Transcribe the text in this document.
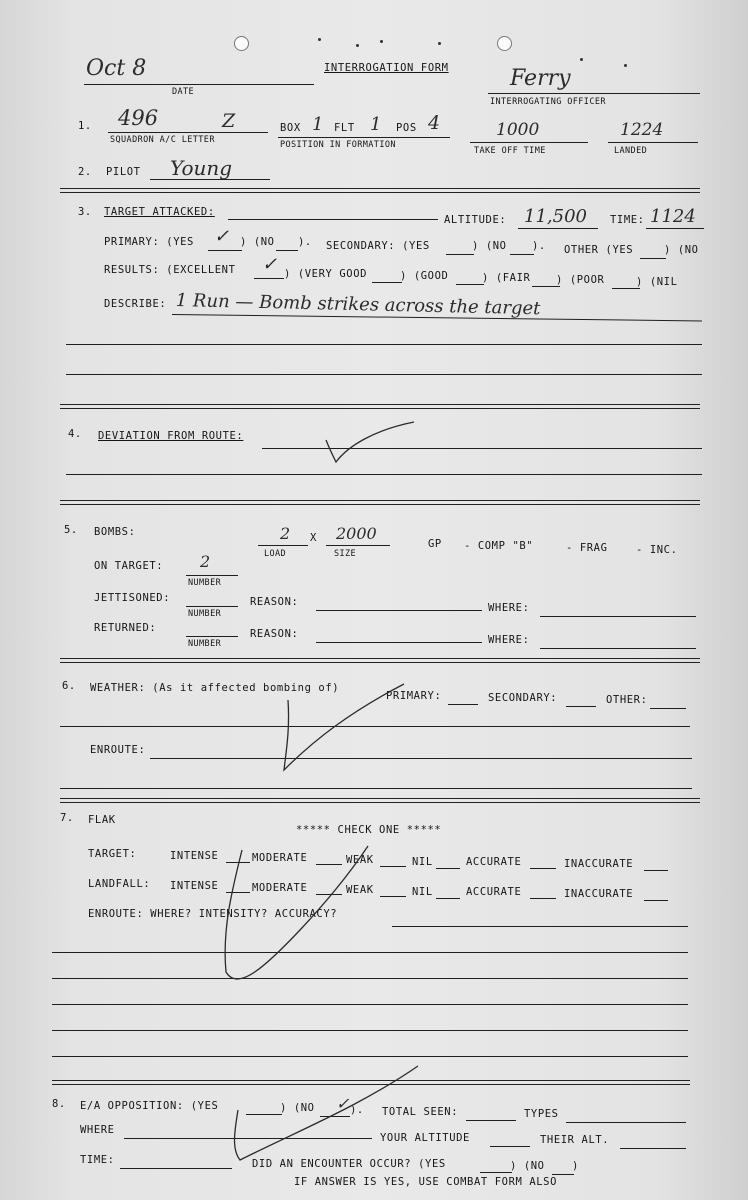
Oct 8
DATE
INTERROGATION FORM	Ferry
INTERROGATING OFFICER
1. 496	Z
SQUADRON A/C LETTER
BOX 1 FLT 1 POS 4
POSITION IN FORMATION
1000
TAKE OFF TIME
1224
LANDED
2. PILOT Young
3. TARGET ATTACKED:
ALTITUDE: 11,500 TIME: 1124
PRIMARY: (YES ✓ ) (NO ). SECONDARY: (YES	) (NO ). OTHER (YES	) (NO
RESULTS: (EXCELLENT ✓ ) (VERY GOOD	) (GOOD	) (FAIR ) (POOR	) (NIL
DESCRIBE: 1 Run — Bomb strikes across the target
4. DEVIATION FROM ROUTE:
5. BOMBS:	2 X 2000
LOAD	SIZE
GP - COMP "B"	- FRAG	- INC.
ON TARGET: 2
NUMBER
JETTISONED:
NUMBER
REASON:	WHERE:
RETURNED:
NUMBER
REASON:	WHERE:
6. WEATHER: (As it affected bombing of)
PRIMARY:	SECONDARY:	OTHER:
ENROUTE:
7. FLAK
***** CHECK ONE *****
TARGET:	INTENSE	MODERATE	WEAK	NIL	ACCURATE	INACCURATE
LANDFALL: INTENSE	MODERATE	WEAK	NIL	ACCURATE	INACCURATE
ENROUTE: WHERE? INTENSITY? ACCURACY?
8. E/A OPPOSITION: (YES	) (NO ✓ ). TOTAL SEEN:	TYPES
WHERE
YOUR ALTITUDE	THEIR ALT.
TIME:	DID AN ENCOUNTER OCCUR? (YES	) (NO	)
IF ANSWER IS YES, USE COMBAT FORM ALSO
